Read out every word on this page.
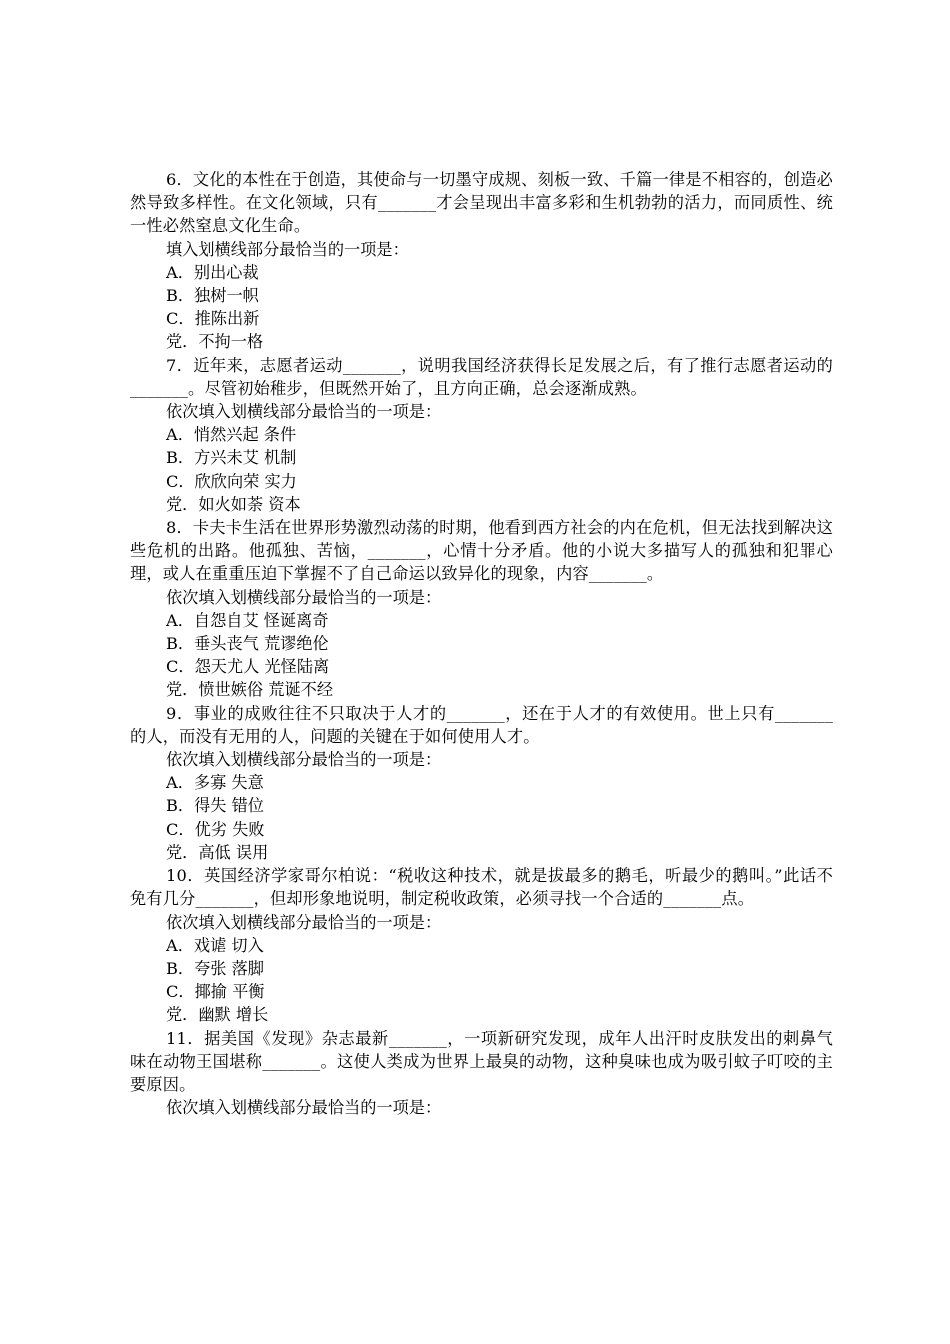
6．文化的本性在于创造，其使命与一切墨守成规、刻板一致、千篇一律是不相容的，创造必然导致多样性。在文化领域，只有_______才会呈现出丰富多彩和生机勃勃的活力，而同质性、统一性必然窒息文化生命。

填入划横线部分最恰当的一项是：

A．别出心裁

B．独树一帜

C．推陈出新

党．不拘一格

7．近年来，志愿者运动_______，说明我国经济获得长足发展之后，有了推行志愿者运动的_______。尽管初始稚步，但既然开始了，且方向正确，总会逐渐成熟。

依次填入划横线部分最恰当的一项是：

A．悄然兴起 条件

B．方兴未艾 机制

C．欣欣向荣 实力

党．如火如荼 资本

8．卡夫卡生活在世界形势激烈动荡的时期，他看到西方社会的内在危机，但无法找到解决这些危机的出路。他孤独、苦恼，_______，心情十分矛盾。他的小说大多描写人的孤独和犯罪心理，或人在重重压迫下掌握不了自己命运以致异化的现象，内容_______。

依次填入划横线部分最恰当的一项是：

A．自怨自艾 怪诞离奇

B．垂头丧气 荒谬绝伦

C．怨天尤人 光怪陆离

党．愤世嫉俗 荒诞不经

9．事业的成败往往不只取决于人才的_______，还在于人才的有效使用。世上只有_______的人，而没有无用的人，问题的关键在于如何使用人才。

依次填入划横线部分最恰当的一项是：

A．多寡 失意

B．得失 错位

C．优劣 失败

党．高低 误用

10．英国经济学家哥尔柏说：“税收这种技术，就是拔最多的鹅毛，听最少的鹅叫。”此话不免有几分_______，但却形象地说明，制定税收政策，必须寻找一个合适的_______点。

依次填入划横线部分最恰当的一项是：

A．戏谑 切入

B．夸张 落脚

C．揶揄 平衡

党．幽默 增长

11．据美国《发现》杂志最新_______，一项新研究发现，成年人出汗时皮肤发出的刺鼻气味在动物王国堪称_______。这使人类成为世界上最臭的动物，这种臭味也成为吸引蚊子叮咬的主要原因。

依次填入划横线部分最恰当的一项是：
